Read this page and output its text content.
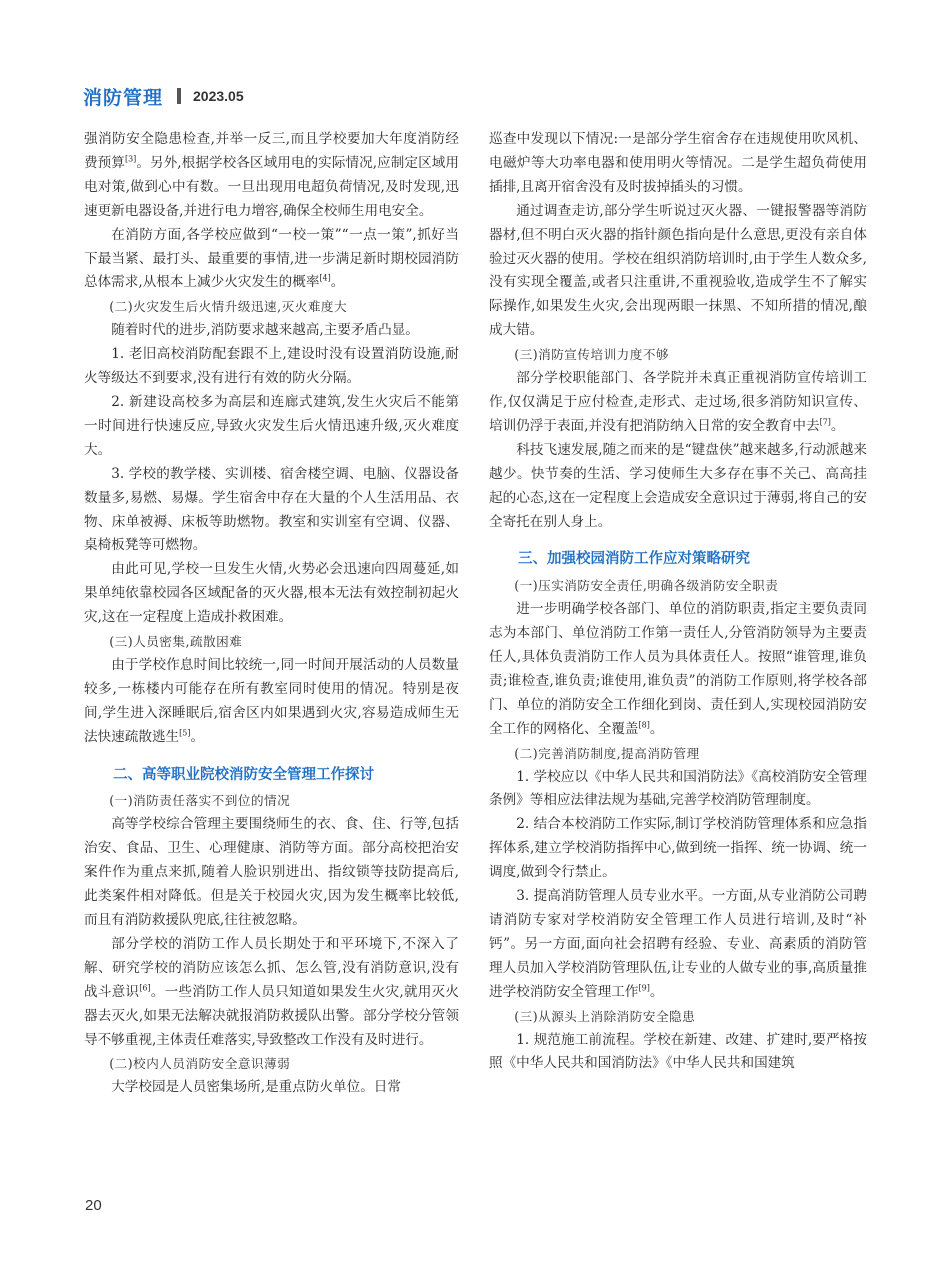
消防管理 2023.05

强消防安全隐患检查,并举一反三,而且学校要加大年度消防经费预算[3]。另外,根据学校各区域用电的实际情况,应制定区域用电对策,做到心中有数。一旦出现用电超负荷情况,及时发现,迅速更新电器设备,并进行电力增容,确保全校师生用电安全。

在消防方面,各学校应做到“一校一策”“一点一策”,抓好当下最当紧、最打头、最重要的事情,进一步满足新时期校园消防总体需求,从根本上减少火灾发生的概率[4]。

(二)火灾发生后火情升级迅速,灭火难度大

随着时代的进步,消防要求越来越高,主要矛盾凸显。

1. 老旧高校消防配套跟不上,建设时没有设置消防设施,耐火等级达不到要求,没有进行有效的防火分隔。

2. 新建设高校多为高层和连廊式建筑,发生火灾后不能第一时间进行快速反应,导致火灾发生后火情迅速升级,灭火难度大。

3. 学校的教学楼、实训楼、宿舍楼空调、电脑、仪器设备数量多,易燃、易爆。学生宿舍中存在大量的个人生活用品、衣物、床单被褥、床板等助燃物。教室和实训室有空调、仪器、桌椅板凳等可燃物。

由此可见,学校一旦发生火情,火势必会迅速向四周蔓延,如果单纯依靠校园各区域配备的灭火器,根本无法有效控制初起火灾,这在一定程度上造成扑救困难。

(三)人员密集,疏散困难

由于学校作息时间比较统一,同一时间开展活动的人员数量较多,一栋楼内可能存在所有教室同时使用的情况。特别是夜间,学生进入深睡眠后,宿舍区内如果遇到火灾,容易造成师生无法快速疏散逃生[5]。

二、高等职业院校消防安全管理工作探讨

(一)消防责任落实不到位的情况

高等学校综合管理主要围绕师生的衣、食、住、行等,包括治安、食品、卫生、心理健康、消防等方面。部分高校把治安案件作为重点来抓,随着人脸识别进出、指纹锁等技防提高后,此类案件相对降低。但是关于校园火灾,因为发生概率比较低,而且有消防救援队兜底,往往被忽略。

部分学校的消防工作人员长期处于和平环境下,不深入了解、研究学校的消防应该怎么抓、怎么管,没有消防意识,没有战斗意识[6]。一些消防工作人员只知道如果发生火灾,就用灭火器去灭火,如果无法解决就报消防救援队出警。部分学校分管领导不够重视,主体责任难落实,导致整改工作没有及时进行。

(二)校内人员消防安全意识薄弱

大学校园是人员密集场所,是重点防火单位。日常

巡查中发现以下情况:一是部分学生宿舍存在违规使用吹风机、电磁炉等大功率电器和使用明火等情况。二是学生超负荷使用插排,且离开宿舍没有及时拔掉插头的习惯。

通过调查走访,部分学生听说过灭火器、一键报警器等消防器材,但不明白灭火器的指针颜色指向是什么意思,更没有亲自体验过灭火器的使用。学校在组织消防培训时,由于学生人数众多,没有实现全覆盖,或者只注重讲,不重视验收,造成学生不了解实际操作,如果发生火灾,会出现两眼一抹黑、不知所措的情况,酿成大错。

(三)消防宣传培训力度不够

部分学校职能部门、各学院并未真正重视消防宣传培训工作,仅仅满足于应付检查,走形式、走过场,很多消防知识宣传、培训仍浮于表面,并没有把消防纳入日常的安全教育中去[7]。

科技飞速发展,随之而来的是“键盘侠”越来越多,行动派越来越少。快节奏的生活、学习使师生大多存在事不关己、高高挂起的心态,这在一定程度上会造成安全意识过于薄弱,将自己的安全寄托在别人身上。

三、加强校园消防工作应对策略研究

(一)压实消防安全责任,明确各级消防安全职责

进一步明确学校各部门、单位的消防职责,指定主要负责同志为本部门、单位消防工作第一责任人,分管消防领导为主要责任人,具体负责消防工作人员为具体责任人。按照“谁管理,谁负责;谁检查,谁负责;谁使用,谁负责”的消防工作原则,将学校各部门、单位的消防安全工作细化到岗、责任到人,实现校园消防安全工作的网格化、全覆盖[8]。

(二)完善消防制度,提高消防管理

1. 学校应以《中华人民共和国消防法》《高校消防安全管理条例》等相应法律法规为基础,完善学校消防管理制度。

2. 结合本校消防工作实际,制订学校消防管理体系和应急指挥体系,建立学校消防指挥中心,做到统一指挥、统一协调、统一调度,做到令行禁止。

3. 提高消防管理人员专业水平。一方面,从专业消防公司聘请消防专家对学校消防安全管理工作人员进行培训,及时“补钙”。另一方面,面向社会招聘有经验、专业、高素质的消防管理人员加入学校消防管理队伍,让专业的人做专业的事,高质量推进学校消防安全管理工作[9]。

(三)从源头上消除消防安全隐患

1. 规范施工前流程。学校在新建、改建、扩建时,要严格按照《中华人民共和国消防法》《中华人民共和国建筑

20
